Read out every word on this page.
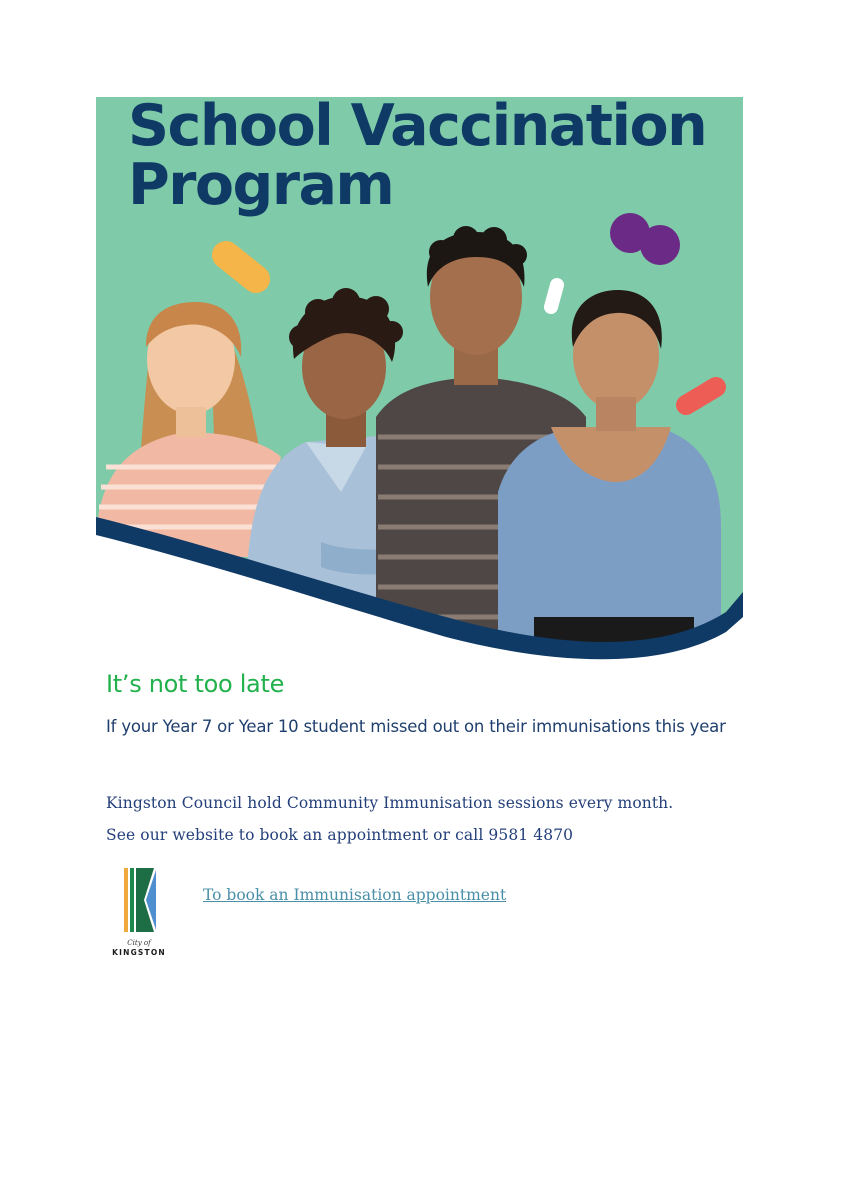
School Vaccination
Program
It’s not too late

If your Year 7 or Year 10 student missed out on their immunisations this year

Kingston Council hold Community Immunisation sessions every month.
See our website to book an appointment or call 9581 4870

City of
KINGSTON
To book an Immunisation appointment
